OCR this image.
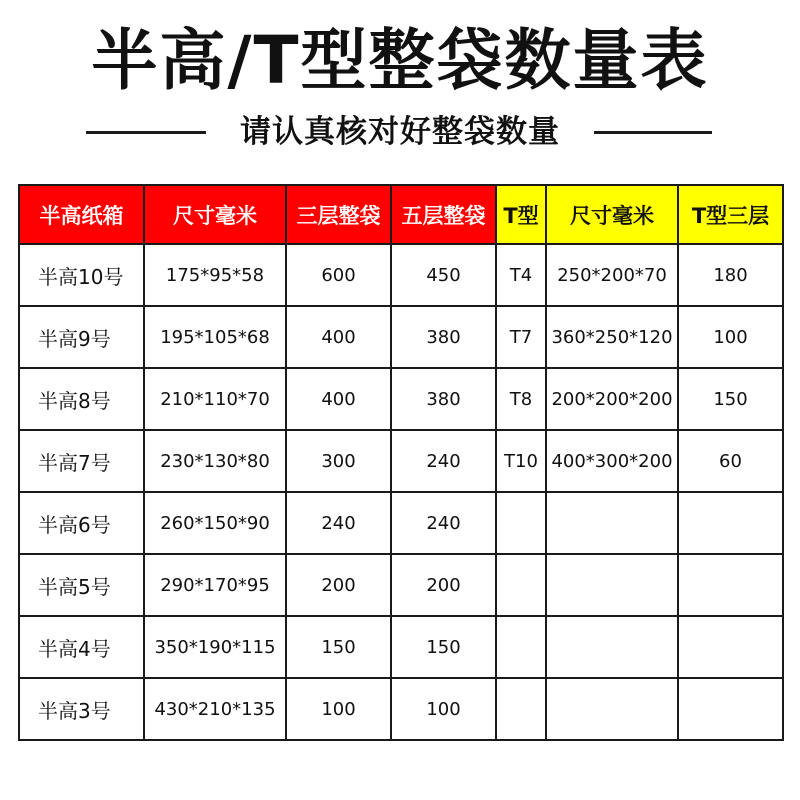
半高/T型整袋数量表
请认真核对好整袋数量
半高纸箱	尺寸毫米	三层整袋	五层整袋	T型	尺寸毫米	T型三层
半高10号	175*95*58	600	450	T4	250*200*70	180
半高9号	195*105*68	400	380	T7	360*250*120	100
半高8号	210*110*70	400	380	T8	200*200*200	150
半高7号	230*130*80	300	240	T10	400*300*200	60
半高6号	260*150*90	240	240			
半高5号	290*170*95	200	200			
半高4号	350*190*115	150	150			
半高3号	430*210*135	100	100			
